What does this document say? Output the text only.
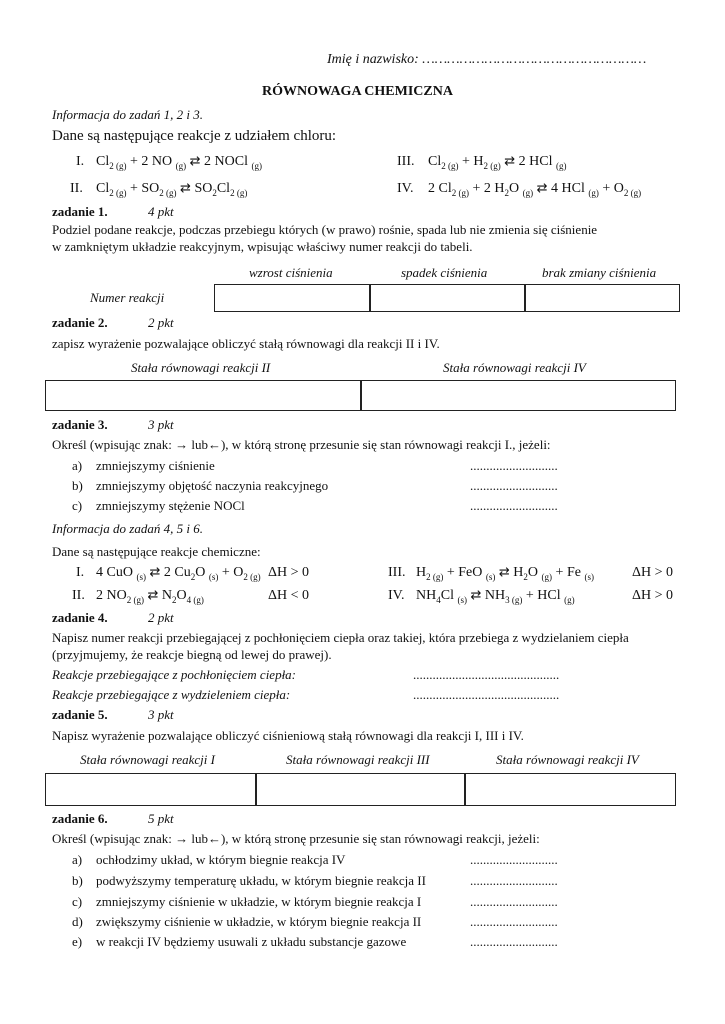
Imię i nazwisko: ………………………………………………
RÓWNOWAGA CHEMICZNA
Informacja do zadań 1, 2 i 3.
Dane są następujące reakcje z udziałem chloru:
I. $Cl_{2 (g)} + 2$ NO $_{(g)}$ ⇄ 2 NOCl $_{(g)}$
II. $Cl_{2 (g)} + SO_{2 (g)}$ ⇄ $SO_2Cl_{2 (g)}$
III. $Cl_{2 (g)} + H_{2 (g)}$ ⇄ 2 HCl $_{(g)}$
IV. 2 $Cl_{2 (g)} + 2$ $H_2O$ $_{(g)}$ ⇄ 4 HCl $_{(g)} + O_{2 (g)}$
zadanie 1.	4 pkt
Podziel podane reakcje, podczas przebiegu których (w prawo) rośnie, spada lub nie zmienia się ciśnienie
w zamkniętym układzie reakcyjnym, wpisując właściwy numer reakcji do tabeli.
wzrost ciśnienia	spadek ciśnienia	brak zmiany ciśnienia
Numer reakcji
zadanie 2.	2 pkt
zapisz wyrażenie pozwalające obliczyć stałą równowagi dla reakcji II i IV.
Stała równowagi reakcji II	Stała równowagi reakcji IV
zadanie 3.	3 pkt
Określ (wpisując znak: → lub←), w którą stronę przesunie się stan równowagi reakcji I., jeżeli:
a) zmniejszymy ciśnienie	...........................
b) zmniejszymy objętość naczynia reakcyjnego	...........................
c) zmniejszymy stężenie NOCl	...........................
Informacja do zadań 4, 5 i 6.
Dane są następujące reakcje chemiczne:
I. 4 CuO $_{(s)}$ ⇄ 2 $Cu_2O$ $_{(s)} + O_{2 (g)}$ ΔH > 0
II. 2 $NO_{2 (g)}$ ⇄ $N_2O_{4 (g)}$	ΔH < 0
III. $H_{2 (g)}$ + FeO $_{(s)}$ ⇄ $H_2O$ $_{(g)}$ + Fe $_{(s)}$	ΔH > 0
IV. $NH_4Cl$ $_{(s)}$ ⇄ $NH_{3 (g)}$ + HCl $_{(g)}$	ΔH > 0
zadanie 4.	2 pkt
Napisz numer reakcji przebiegającej z pochłonięciem ciepła oraz takiej, która przebiega z wydzielaniem ciepła
(przyjmujemy, że reakcje biegną od lewej do prawej).
Reakcje przebiegające z pochłonięciem ciepła:	.............................................
Reakcje przebiegające z wydzieleniem ciepła:	.............................................
zadanie 5.	3 pkt
Napisz wyrażenie pozwalające obliczyć ciśnieniową stałą równowagi dla reakcji I, III i IV.
Stała równowagi reakcji I	Stała równowagi reakcji III	Stała równowagi reakcji IV
zadanie 6.	5 pkt
Określ (wpisując znak: → lub←), w którą stronę przesunie się stan równowagi reakcji, jeżeli:
a) ochłodzimy układ, w którym biegnie reakcja IV	...........................
b) podwyższymy temperaturę układu, w którym biegnie reakcja II	...........................
c) zmniejszymy ciśnienie w układzie, w którym biegnie reakcja I	...........................
d) zwiększymy ciśnienie w układzie, w którym biegnie reakcja II	...........................
e) w reakcji IV będziemy usuwali z układu substancje gazowe	...........................
